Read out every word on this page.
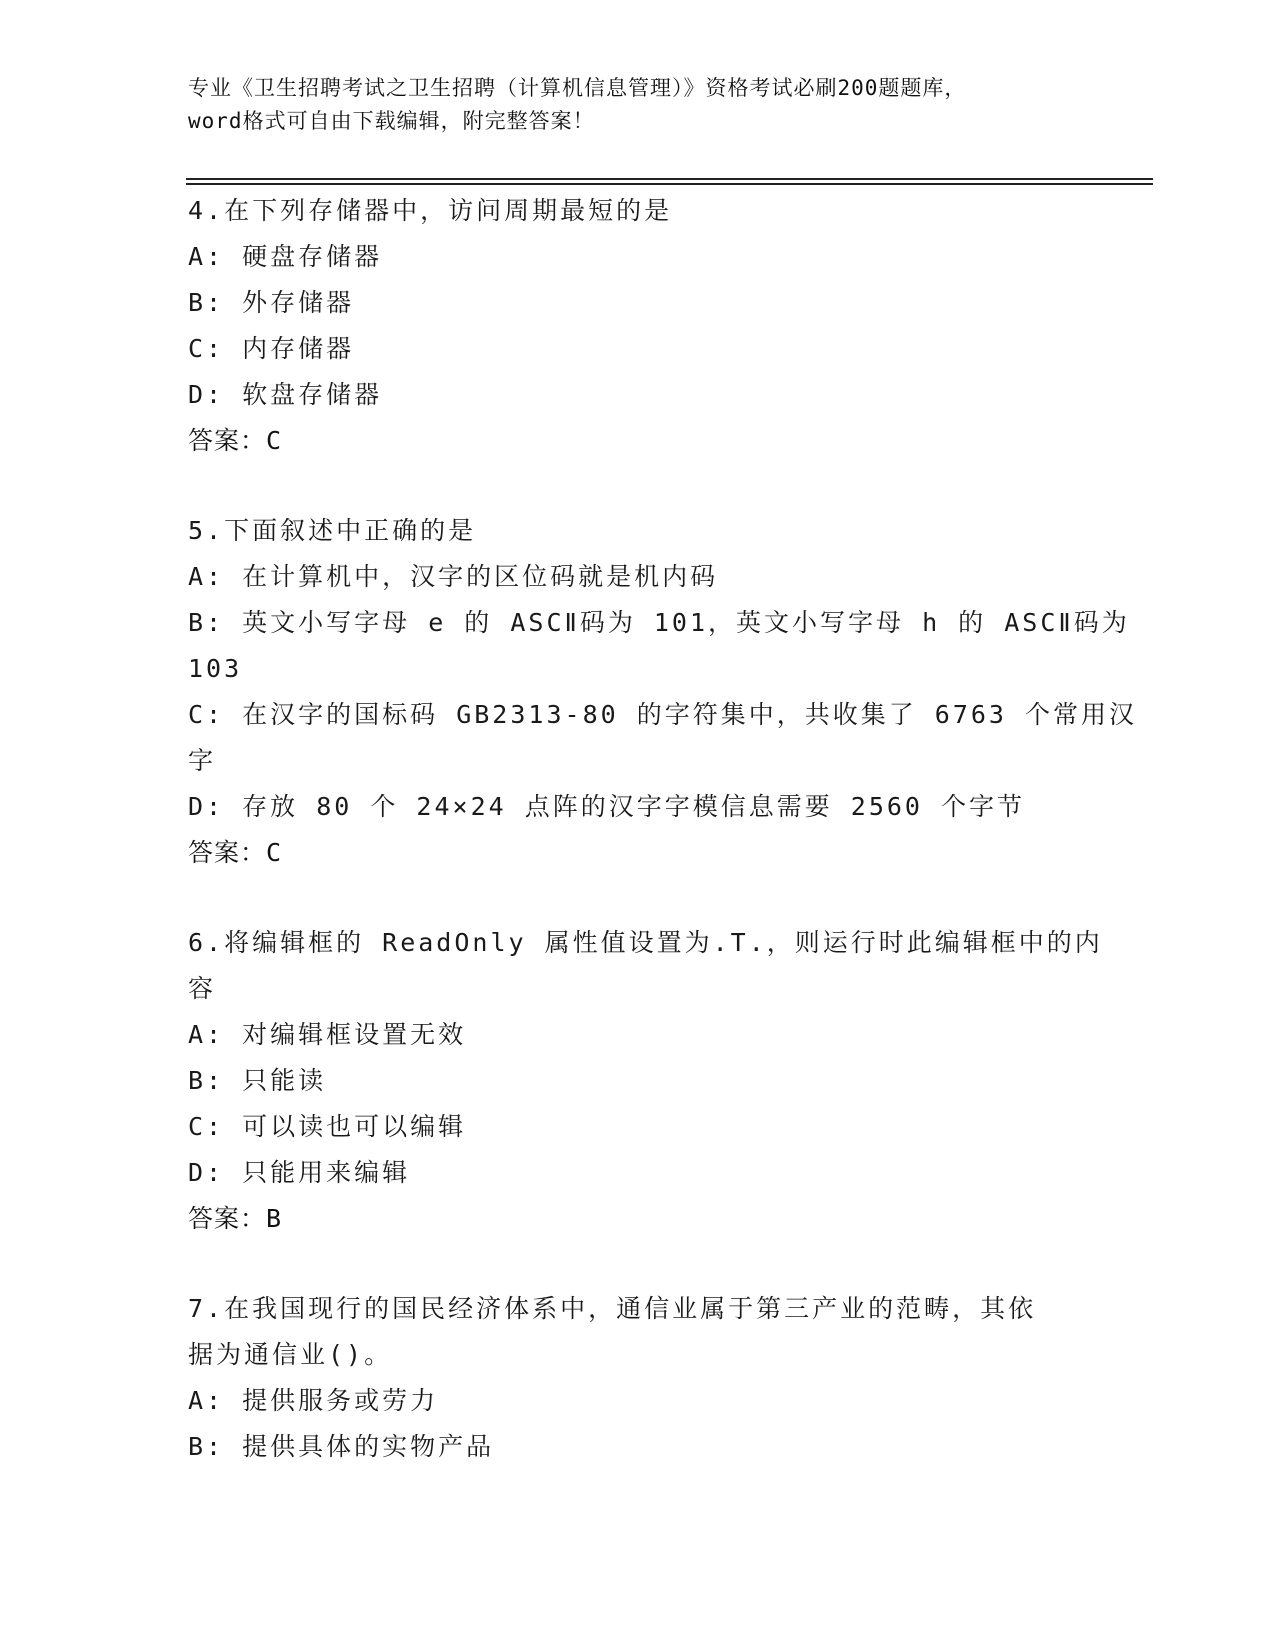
专业《卫生招聘考试之卫生招聘（计算机信息管理）》资格考试必刷200题题库，
word格式可自由下载编辑，附完整答案！
4.在下列存储器中，访问周期最短的是
A: 硬盘存储器
B: 外存储器
C: 内存储器
D: 软盘存储器
答案：C
5.下面叙述中正确的是
A: 在计算机中，汉字的区位码就是机内码
B: 英文小写字母 e 的 ASCⅡ码为 101，英文小写字母 h 的 ASCⅡ码为
103
C: 在汉字的国标码 GB2313-80 的字符集中，共收集了 6763 个常用汉
字
D: 存放 80 个 24×24 点阵的汉字字模信息需要 2560 个字节
答案：C
6.将编辑框的 ReadOnly 属性值设置为.T.，则运行时此编辑框中的内
容
A: 对编辑框设置无效
B: 只能读
C: 可以读也可以编辑
D: 只能用来编辑
答案：B
7.在我国现行的国民经济体系中，通信业属于第三产业的范畴，其依
据为通信业()。
A: 提供服务或劳力
B: 提供具体的实物产品
